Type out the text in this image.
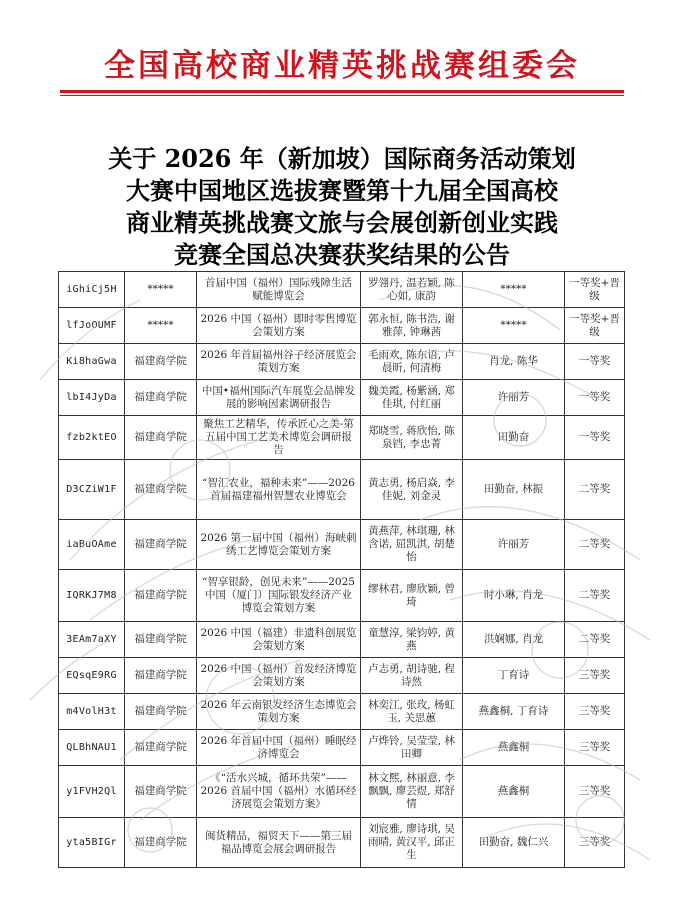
全国高校商业精英挑战赛组委会
关于 2026 年（新加坡）国际商务活动策划
大赛中国地区选拔赛暨第十九届全国高校
商业精英挑战赛文旅与会展创新创业实践
竞赛全国总决赛获奖结果的公告
iGhiCj5H	*****	首届中国（福州）国际残障生活赋能博览会	罗翎丹, 温若颖, 陈心如, 康韵	*****	一等奖+晋级
lfJoOUMF	*****	2026 中国（福州）即时零售博览会策划方案	郭永恒, 陈书浩, 谢雅萍, 钟琳茜	*****	一等奖+晋级
Ki8haGwa	福建商学院	2026 年首届福州谷子经济展览会策划方案	毛雨欢, 陈东语, 卢晨昕, 何清梅	肖龙, 陈华	一等奖
lbI4JyDa	福建商学院	中国•福州国际汽车展览会品牌发展的影响因素调研报告	魏美霞, 杨紫涵, 郑佳琪, 付红丽	许丽芳	一等奖
fzb2ktEO	福建商学院	聚焦工艺精华，传承匠心之美-第五届中国工艺美术博览会调研报告	郑晓雪, 蒋欣怡, 陈泉铛, 李忠菁	田勤奋	一等奖
D3CZiW1F	福建商学院	“智汇农业，福种未来”——2026 首届福建福州智慧农业博览会	黄志勇, 杨启焱, 李佳妮, 刘金灵	田勤奋, 林振	二等奖
iaBuOAme	福建商学院	2026 第一届中国（福州）海峡刺绣工艺博览会策划方案	黄燕萍, 林琪珊, 林含诺, 屈凯淇, 胡楚怡	许丽芳	二等奖
IQRKJ7M8	福建商学院	“智享银龄，创见未来”——2025 中国（厦门）国际银发经济产业博览会策划方案	缪林君, 廖欣颖, 曾琦	时小琳, 肖龙	二等奖
3EAm7aXY	福建商学院	2026 中国（福建）非遗科创展览会策划方案	童慧淳, 梁钧婷, 黄燕	洪娴娜, 肖龙	二等奖
EQsqE9RG	福建商学院	2026 中国（福州）首发经济博览会策划方案	卢志勇, 胡诗驰, 程诗然	丁育诗	三等奖
m4VolH3t	福建商学院	2026 年云南银发经济生态博览会策划方案	林奕江, 张玫, 杨虹玉, 关思蕙	燕鑫桐, 丁育诗	三等奖
QLBhNAU1	福建商学院	2026 年首届中国（福州）睡眠经济博览会	卢烨铃, 吴莹莹, 林田卿	燕鑫桐	三等奖
y1FVH2Ql	福建商学院	《“活水兴城，循环共荣”——2026 首届中国（福州）水循环经济展览会策划方案》	林文煕, 林丽意, 李飘飘, 廖芸煜, 郑舒情	燕鑫桐	三等奖
yta5BIGr	福建商学院	闽货精品，福贸天下——第三届福品博览会展会调研报告	刘宸雅, 廖诗琪, 吴雨晴, 黄汉平, 邱正生	田勤奋, 魏仁兴	三等奖
